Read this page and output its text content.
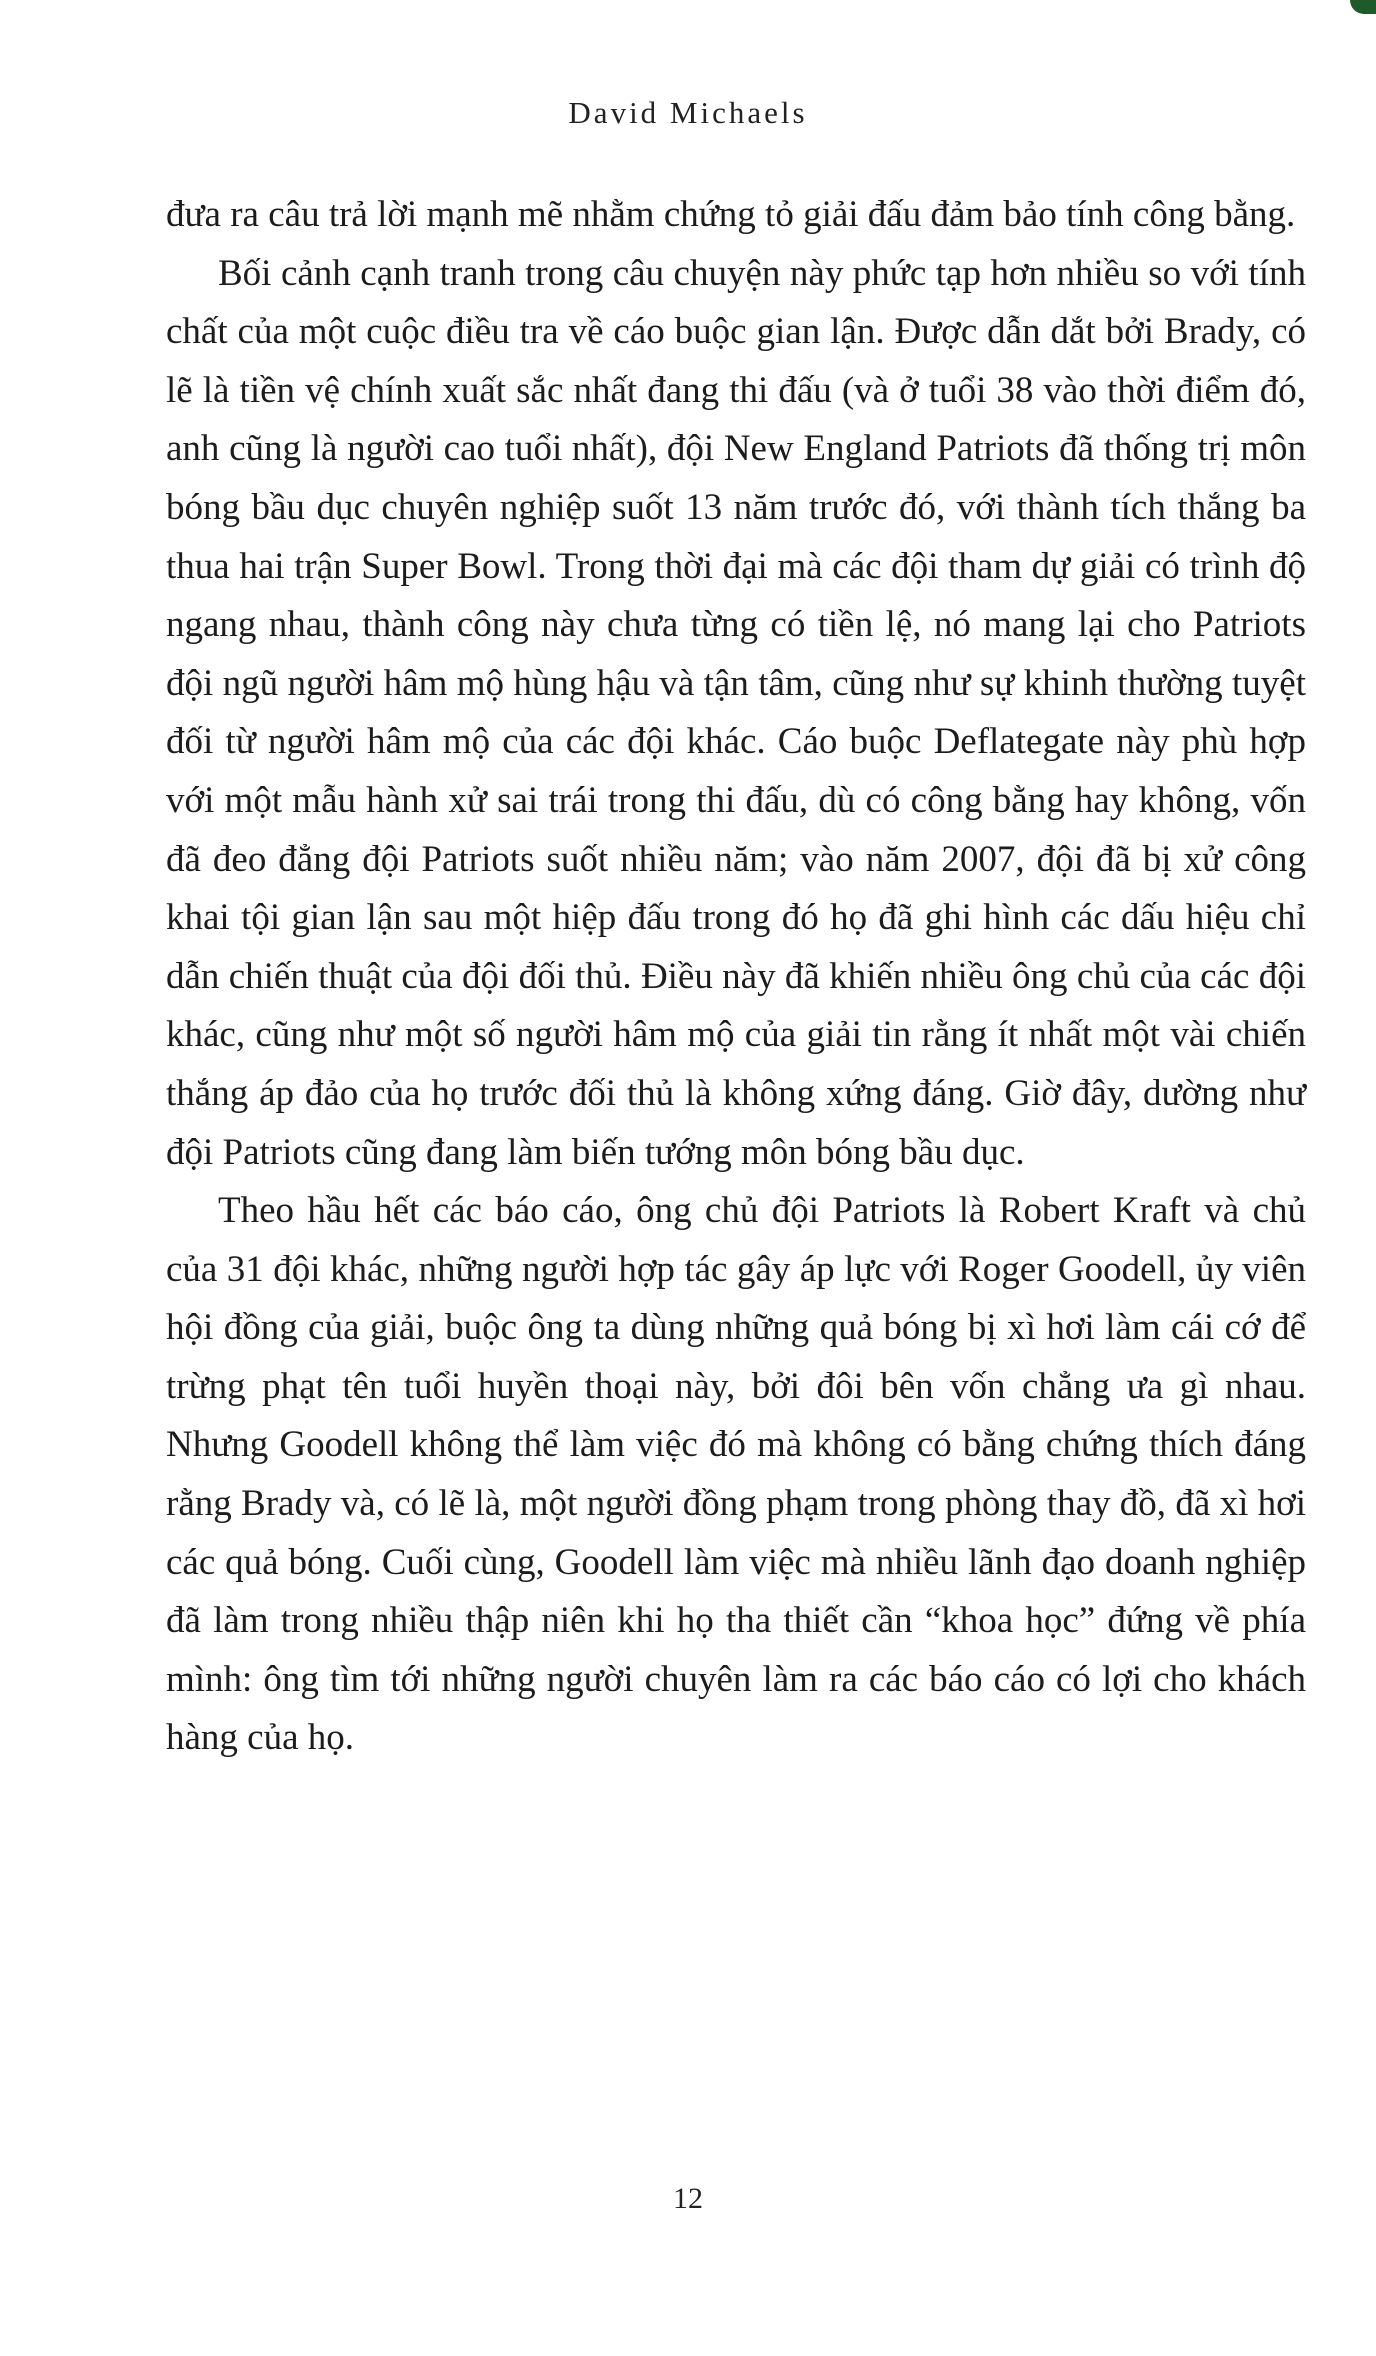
David Michaels

đưa ra câu trả lời mạnh mẽ nhằm chứng tỏ giải đấu đảm bảo tính công bằng.

Bối cảnh cạnh tranh trong câu chuyện này phức tạp hơn nhiều so với tính chất của một cuộc điều tra về cáo buộc gian lận. Được dẫn dắt bởi Brady, có lẽ là tiền vệ chính xuất sắc nhất đang thi đấu (và ở tuổi 38 vào thời điểm đó, anh cũng là người cao tuổi nhất), đội New England Patriots đã thống trị môn bóng bầu dục chuyên nghiệp suốt 13 năm trước đó, với thành tích thắng ba thua hai trận Super Bowl. Trong thời đại mà các đội tham dự giải có trình độ ngang nhau, thành công này chưa từng có tiền lệ, nó mang lại cho Patriots đội ngũ người hâm mộ hùng hậu và tận tâm, cũng như sự khinh thường tuyệt đối từ người hâm mộ của các đội khác. Cáo buộc Deflategate này phù hợp với một mẫu hành xử sai trái trong thi đấu, dù có công bằng hay không, vốn đã đeo đẳng đội Patriots suốt nhiều năm; vào năm 2007, đội đã bị xử công khai tội gian lận sau một hiệp đấu trong đó họ đã ghi hình các dấu hiệu chỉ dẫn chiến thuật của đội đối thủ. Điều này đã khiến nhiều ông chủ của các đội khác, cũng như một số người hâm mộ của giải tin rằng ít nhất một vài chiến thắng áp đảo của họ trước đối thủ là không xứng đáng. Giờ đây, dường như đội Patriots cũng đang làm biến tướng môn bóng bầu dục.

Theo hầu hết các báo cáo, ông chủ đội Patriots là Robert Kraft và chủ của 31 đội khác, những người hợp tác gây áp lực với Roger Goodell, ủy viên hội đồng của giải, buộc ông ta dùng những quả bóng bị xì hơi làm cái cớ để trừng phạt tên tuổi huyền thoại này, bởi đôi bên vốn chẳng ưa gì nhau. Nhưng Goodell không thể làm việc đó mà không có bằng chứng thích đáng rằng Brady và, có lẽ là, một người đồng phạm trong phòng thay đồ, đã xì hơi các quả bóng. Cuối cùng, Goodell làm việc mà nhiều lãnh đạo doanh nghiệp đã làm trong nhiều thập niên khi họ tha thiết cần “khoa học” đứng về phía mình: ông tìm tới những người chuyên làm ra các báo cáo có lợi cho khách hàng của họ.

12
